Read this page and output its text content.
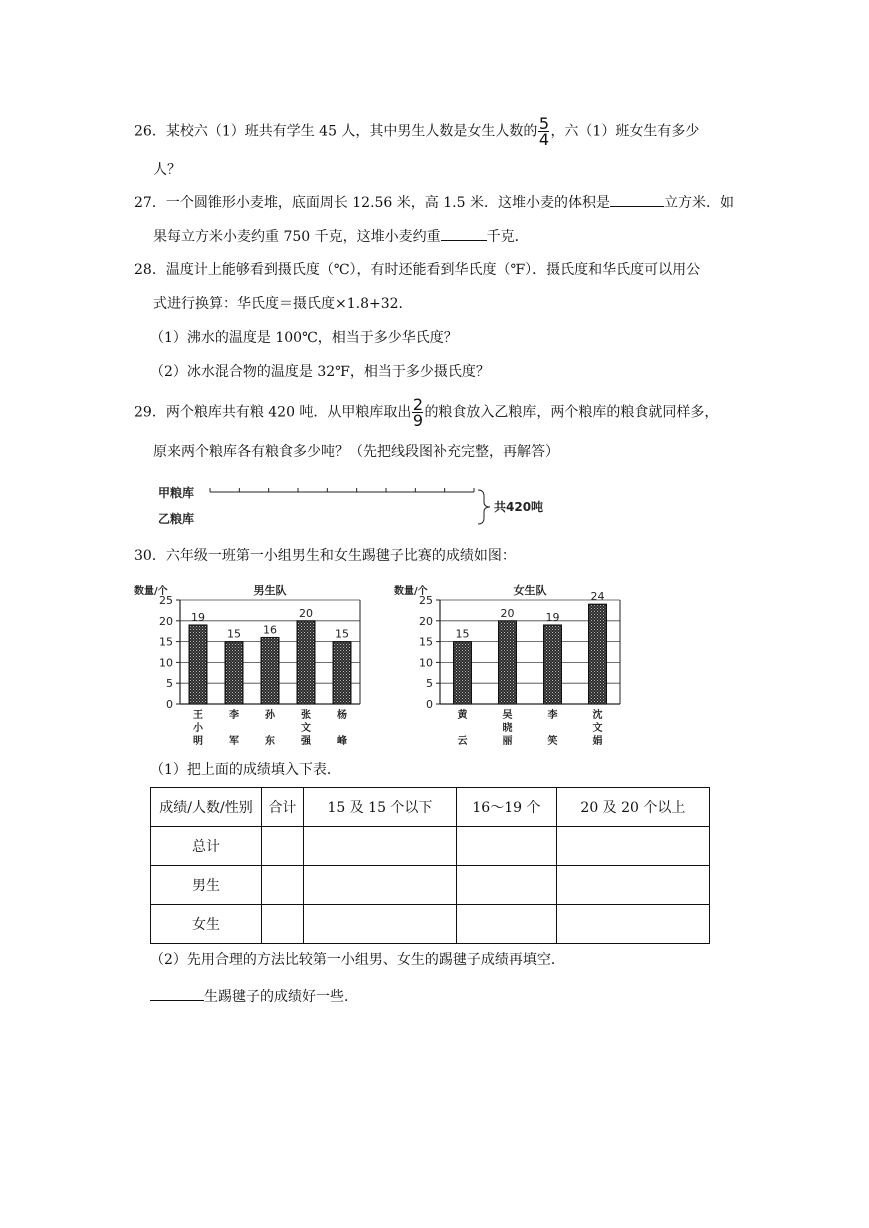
26．某校六（1）班共有学生 45 人，其中男生人数是女生人数的 $\frac{5}{4}$ ，六（1）班女生有多少
人？
27．一个圆锥形小麦堆，底面周长 12.56 米，高 1.5 米．这堆小麦的体积是	立方米．如
果每立方米小麦约重 750 千克，这堆小麦约重	千克．
28．温度计上能够看到摄氏度（℃），有时还能看到华氏度（℉）．摄氏度和华氏度可以用公
式进行换算：华氏度＝摄氏度×1.8+32．
（1）沸水的温度是 100℃，相当于多少华氏度？
（2）冰水混合物的温度是 32℉，相当于多少摄氏度？
29．两个粮库共有粮 420 吨．从甲粮库取出 $\frac{2}{9}$ 的粮食放入乙粮库，两个粮库的粮食就同样多，
原来两个粮库各有粮食多少吨？（先把线段图补充完整，再解答）
甲粮库
乙粮库
共420吨
30．六年级一班第一小组男生和女生踢毽子比赛的成绩如图：
数量/个	男生队
0
5
10
15
20
25
19
王小明
15
李军
16
孙东
20
张文强
15
杨峰
数量/个	女生队
0
5
10
15
20
25
15
黄云
20
吴晓丽
19
李笑
24
沈文娟
（1）把上面的成绩填入下表．
成绩/人数/性别	合计	15 及 15 个以下	16～19 个	20 及 20 个以上
总计				
男生				
女生				
（2）先用合理的方法比较第一小组男、女生的踢毽子成绩再填空．
生踢毽子的成绩好一些．
